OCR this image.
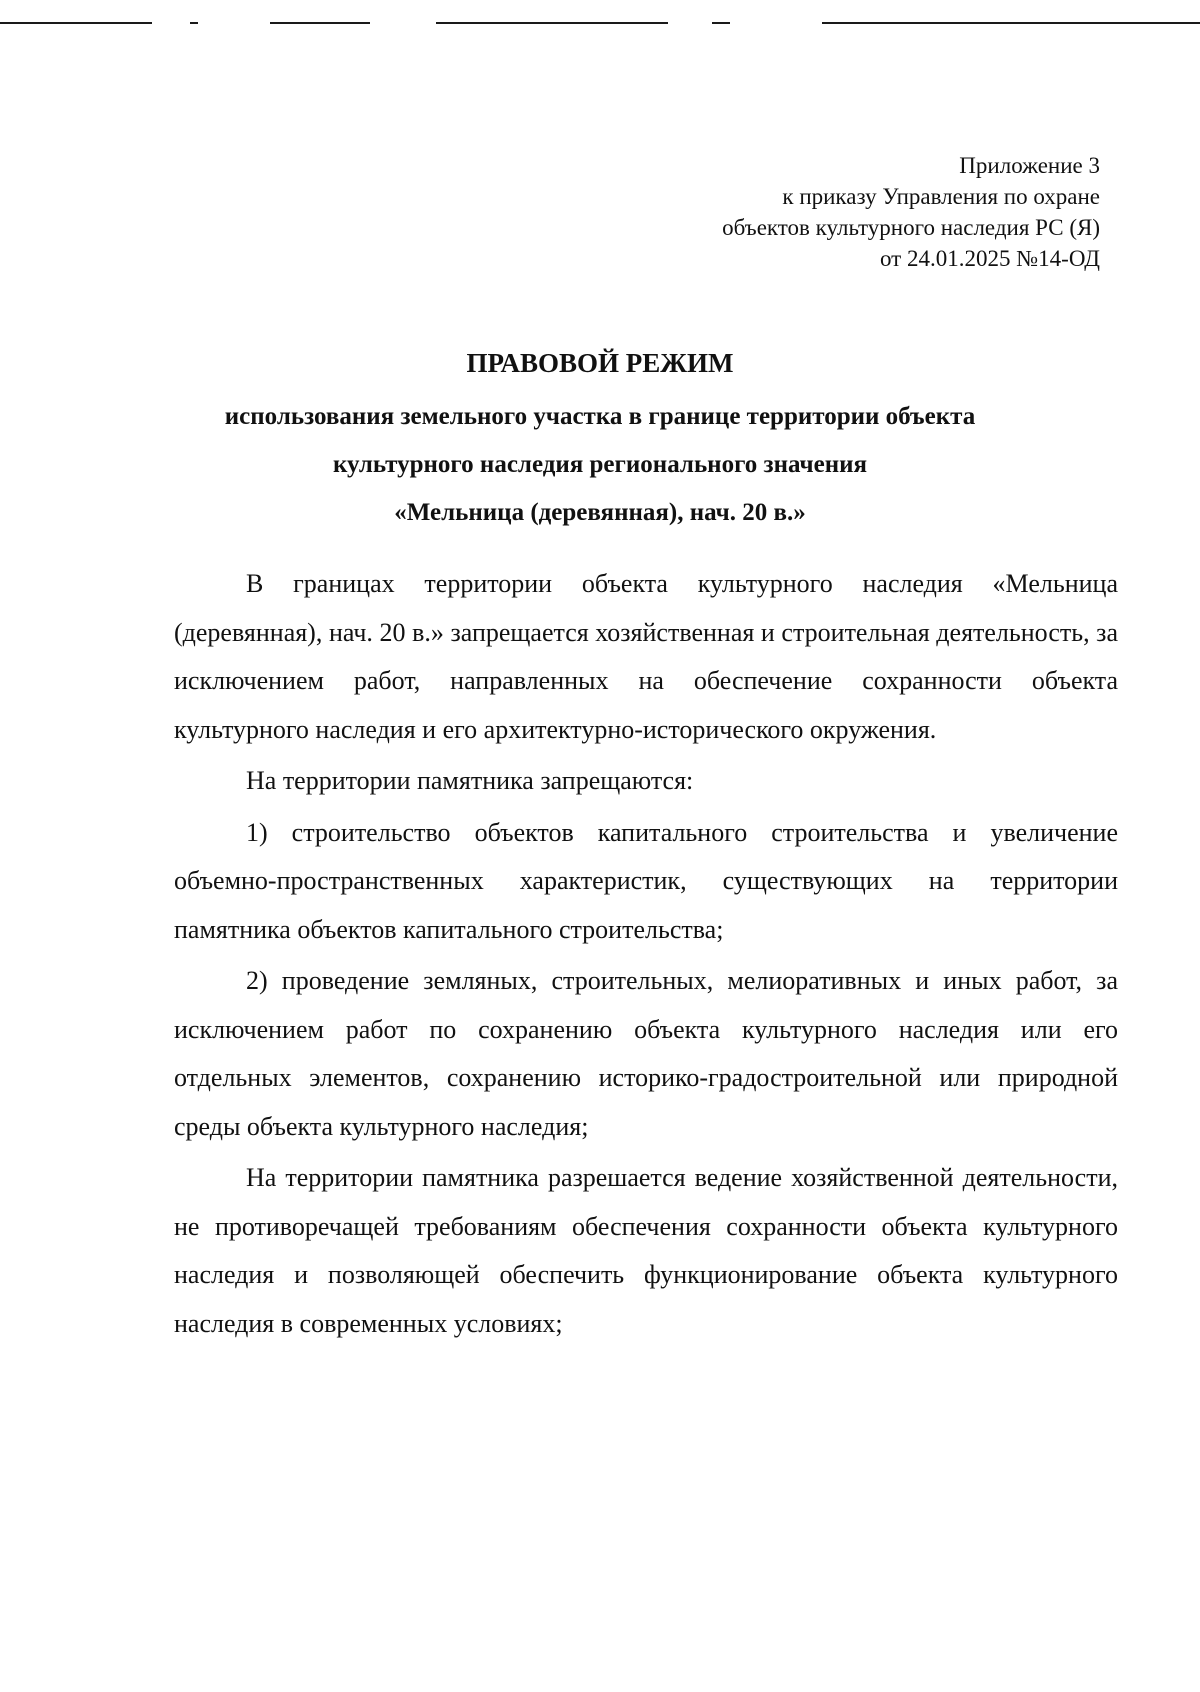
Приложение 3
к приказу Управления по охране
объектов культурного наследия РС (Я)
от 24.01.2025 №14-ОД
ПРАВОВОЙ РЕЖИМ
использования земельного участка в границе территории объекта
культурного наследия регионального значения
«Мельница (деревянная), нач. 20 в.»

В границах территории объекта культурного наследия «Мельница (деревянная), нач. 20 в.» запрещается хозяйственная и строительная деятельность, за исключением работ, направленных на обеспечение сохранности объекта культурного наследия и его архитектурно-исторического окружения.

На территории памятника запрещаются:

1) строительство объектов капитального строительства и увеличение объемно-пространственных характеристик, существующих на территории памятника объектов капитального строительства;

2) проведение земляных, строительных, мелиоративных и иных работ, за исключением работ по сохранению объекта культурного наследия или его отдельных элементов, сохранению историко-градостроительной или природной среды объекта культурного наследия;

На территории памятника разрешается ведение хозяйственной деятельности, не противоречащей требованиям обеспечения сохранности объекта культурного наследия и позволяющей обеспечить функционирование объекта культурного наследия в современных условиях;
